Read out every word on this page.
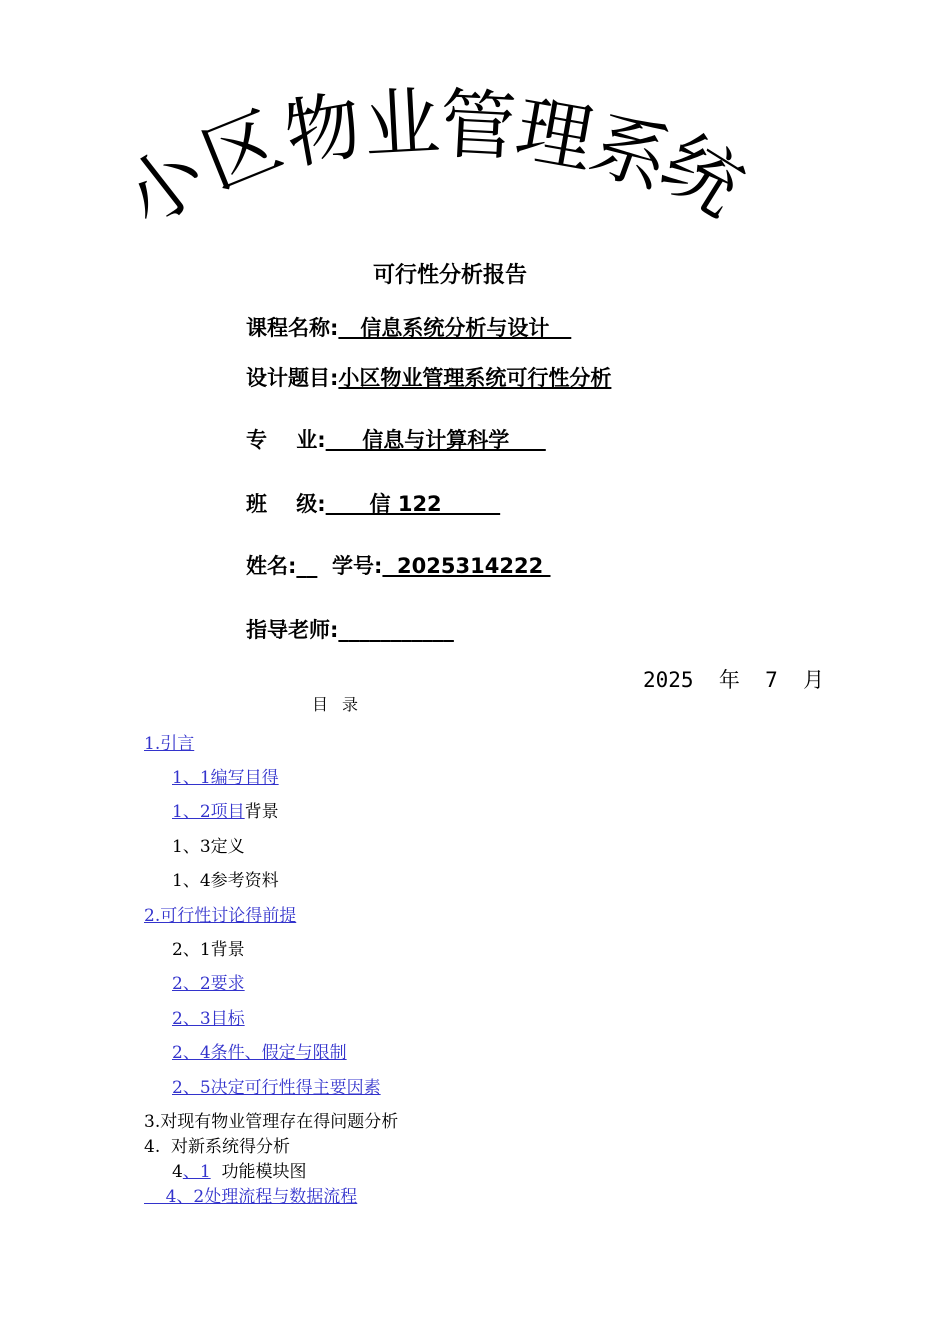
小
区
物
业
管
理
系
统
可行性分析报告
课程名称:   信息系统分析与设计
设计题目:小区物业管理系统可行性分析
专    业:     信息与计算科学
班    级:      信 122
姓名:__  学号:  2025314222
指导老师:___________
2025  年  7  月
目录
1.引言
1、1编写目得
1、2项目背景
1、3定义
1、4参考资料
2.可行性讨论得前提
2、1背景
2、2要求
2、3目标
2、4条件、假定与限制
2、5决定可行性得主要因素
3.对现有物业管理存在得问题分析
4.  对新系统得分析
4、1  功能模块图
4、2处理流程与数据流程
